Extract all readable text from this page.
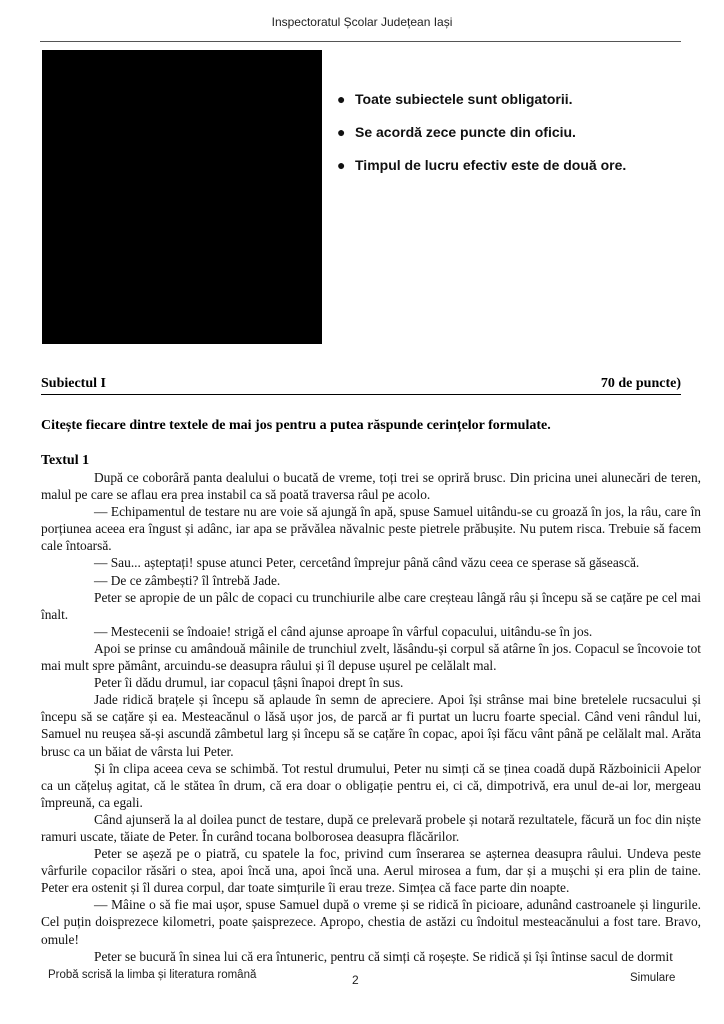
Inspectoratul Școlar Județean Iași
● Toate subiectele sunt obligatorii.
● Se acordă zece puncte din oficiu.
● Timpul de lucru efectiv este de două ore.
Subiectul I	70 de puncte)
Citește fiecare dintre textele de mai jos pentru a putea răspunde cerințelor formulate.
Textul 1

După ce coborâră panta dealului o bucată de vreme, toți trei se opriră brusc. Din pricina unei alunecări de teren, malul pe care se aflau era prea instabil ca să poată traversa râul pe acolo.

— Echipamentul de testare nu are voie să ajungă în apă, spuse Samuel uitându-se cu groază în jos, la râu, care în porțiunea aceea era îngust și adânc, iar apa se prăvălea năvalnic peste pietrele prăbușite. Nu putem risca. Trebuie să facem cale întoarsă.

— Sau... așteptați! spuse atunci Peter, cercetând împrejur până când văzu ceea ce sperase să găsească.

— De ce zâmbești? îl întrebă Jade.

Peter se apropie de un pâlc de copaci cu trunchiurile albe care creșteau lângă râu și începu să se cațăre pe cel mai înalt.

— Mestecenii se îndoaie! strigă el când ajunse aproape în vârful copacului, uitându-se în jos.

Apoi se prinse cu amândouă mâinile de trunchiul zvelt, lăsându-și corpul să atârne în jos. Copacul se încovoie tot mai mult spre pământ, arcuindu-se deasupra râului și îl depuse ușurel pe celălalt mal.

Peter îi dădu drumul, iar copacul țâșni înapoi drept în sus.

Jade ridică brațele și începu să aplaude în semn de apreciere. Apoi își strânse mai bine bretelele rucsacului și începu să se cațăre și ea. Mesteacănul o lăsă ușor jos, de parcă ar fi purtat un lucru foarte special. Când veni rândul lui, Samuel nu reușea să-și ascundă zâmbetul larg și începu să se cațăre în copac, apoi își făcu vânt până pe celălalt mal. Arăta brusc ca un băiat de vârsta lui Peter.

Și în clipa aceea ceva se schimbă. Tot restul drumului, Peter nu simți că se ținea coadă după Războinicii Apelor ca un cățeluș agitat, că le stătea în drum, că era doar o obligație pentru ei, ci că, dimpotrivă, era unul de-ai lor, mergeau împreună, ca egali.

Când ajunseră la al doilea punct de testare, după ce prelevară probele și notară rezultatele, făcură un foc din niște ramuri uscate, tăiate de Peter. În curând tocana bolborosea deasupra flăcărilor.

Peter se așeză pe o piatră, cu spatele la foc, privind cum înserarea se așternea deasupra râului. Undeva peste vârfurile copacilor răsări o stea, apoi încă una, apoi încă una. Aerul mirosea a fum, dar și a mușchi și era plin de taine. Peter era ostenit și îl durea corpul, dar toate simțurile îi erau treze. Simțea că face parte din noapte.

— Mâine o să fie mai ușor, spuse Samuel după o vreme și se ridică în picioare, adunând castroanele și lingurile. Cel puțin doisprezece kilometri, poate șaisprezece. Apropo, chestia de astăzi cu îndoitul mesteacănului a fost tare. Bravo, omule!

Peter se bucură în sinea lui că era întuneric, pentru că simți că roșește. Se ridică și își întinse sacul de dormit

Probă scrisă la limba și literatura română	2	Simulare
